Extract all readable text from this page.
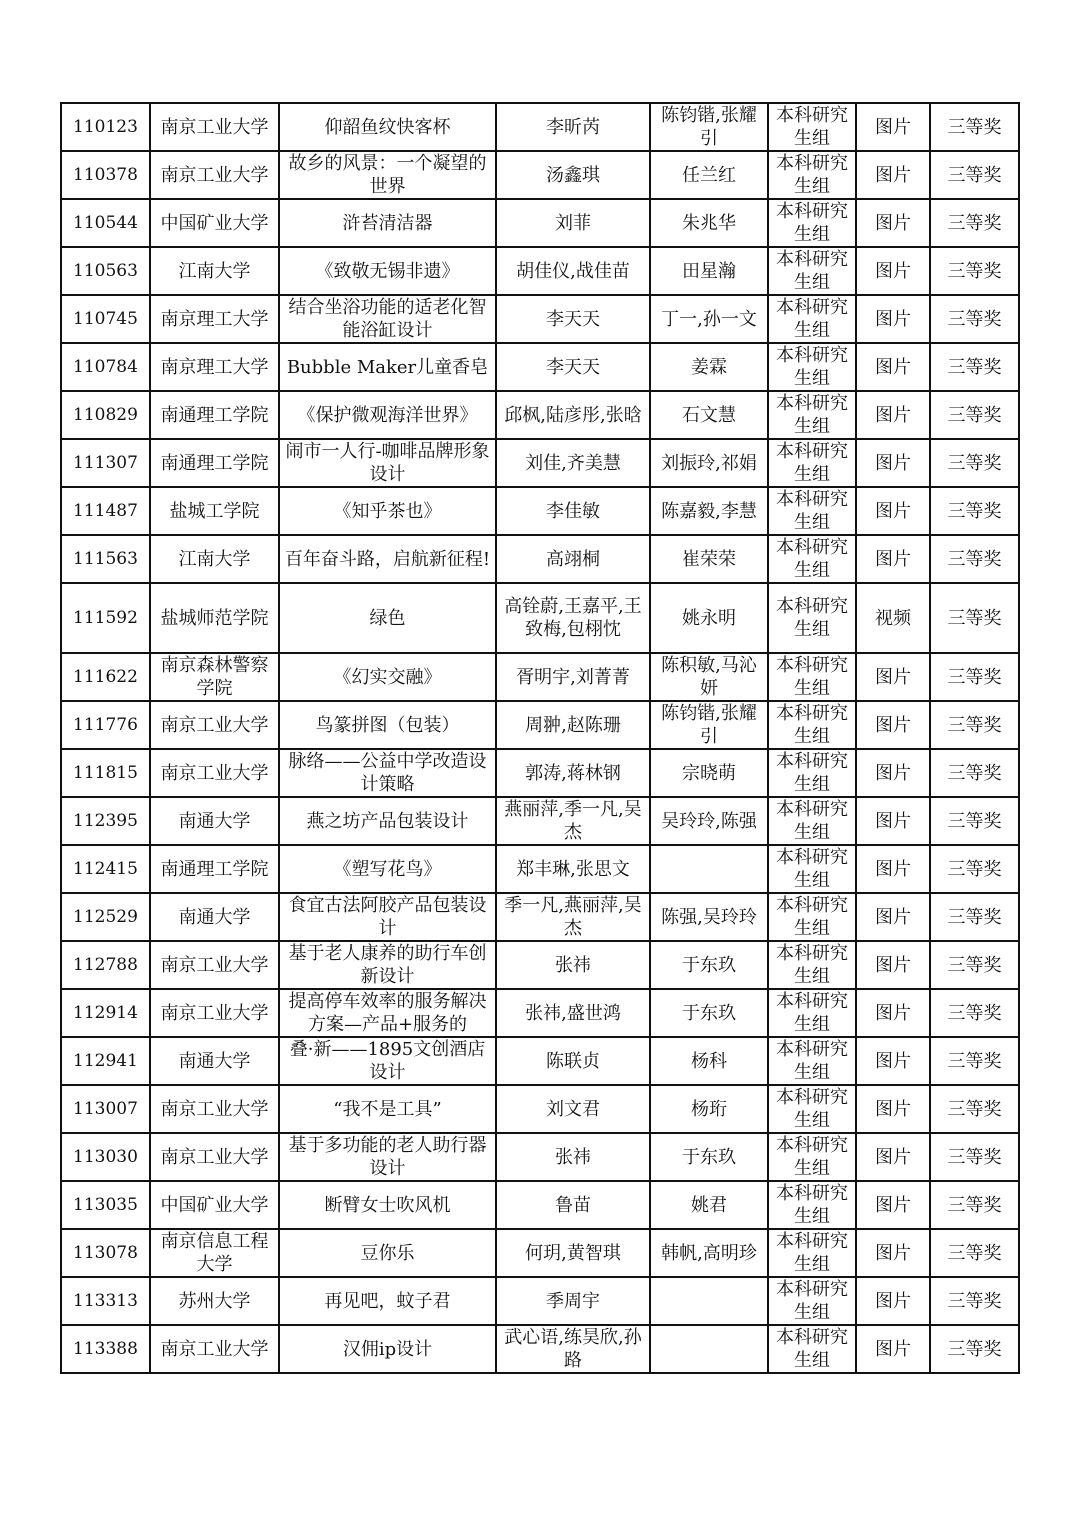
110123	南京工业大学	仰韶鱼纹快客杯	李昕芮	陈钧锴,张耀引	本科研究生组	图片	三等奖
110378	南京工业大学	故乡的风景：一个凝望的世界	汤鑫琪	任兰红	本科研究生组	图片	三等奖
110544	中国矿业大学	浒苔清洁器	刘菲	朱兆华	本科研究生组	图片	三等奖
110563	江南大学	《致敬无锡非遗》	胡佳仪,战佳苗	田星瀚	本科研究生组	图片	三等奖
110745	南京理工大学	结合坐浴功能的适老化智能浴缸设计	李天天	丁一,孙一文	本科研究生组	图片	三等奖
110784	南京理工大学	Bubble Maker儿童香皂	李天天	姜霖	本科研究生组	图片	三等奖
110829	南通理工学院	《保护微观海洋世界》	邱枫,陆彦彤,张晗	石文慧	本科研究生组	图片	三等奖
111307	南通理工学院	闹市一人行-咖啡品牌形象设计	刘佳,齐美慧	刘振玲,祁娟	本科研究生组	图片	三等奖
111487	盐城工学院	《知乎茶也》	李佳敏	陈嘉毅,李慧	本科研究生组	图片	三等奖
111563	江南大学	百年奋斗路，启航新征程!	高翊桐	崔荣荣	本科研究生组	图片	三等奖
111592	盐城师范学院	绿色	高铨蔚,王嘉平,王致梅,包栩忱	姚永明	本科研究生组	视频	三等奖
111622	南京森林警察学院	《幻实交融》	胥明宇,刘菁菁	陈积敏,马沁妍	本科研究生组	图片	三等奖
111776	南京工业大学	鸟篆拼图（包装）	周翀,赵陈珊	陈钧锴,张耀引	本科研究生组	图片	三等奖
111815	南京工业大学	脉络——公益中学改造设计策略	郭涛,蒋林钢	宗晓萌	本科研究生组	图片	三等奖
112395	南通大学	燕之坊产品包装设计	燕丽萍,季一凡,吴杰	吴玲玲,陈强	本科研究生组	图片	三等奖
112415	南通理工学院	《塑写花鸟》	郑丰琳,张思文		本科研究生组	图片	三等奖
112529	南通大学	食宜古法阿胶产品包装设计	季一凡,燕丽萍,吴杰	陈强,吴玲玲	本科研究生组	图片	三等奖
112788	南京工业大学	基于老人康养的助行车创新设计	张祎	于东玖	本科研究生组	图片	三等奖
112914	南京工业大学	提高停车效率的服务解决方案—产品+服务的	张祎,盛世鸿	于东玖	本科研究生组	图片	三等奖
112941	南通大学	叠·新——1895文创酒店设计	陈联贞	杨科	本科研究生组	图片	三等奖
113007	南京工业大学	“我不是工具”	刘文君	杨珩	本科研究生组	图片	三等奖
113030	南京工业大学	基于多功能的老人助行器设计	张祎	于东玖	本科研究生组	图片	三等奖
113035	中国矿业大学	断臂女士吹风机	鲁苗	姚君	本科研究生组	图片	三等奖
113078	南京信息工程大学	豆你乐	何玥,黄智琪	韩帆,高明珍	本科研究生组	图片	三等奖
113313	苏州大学	再见吧，蚊子君	季周宇		本科研究生组	图片	三等奖
113388	南京工业大学	汉佣ip设计	武心语,练昊欣,孙路		本科研究生组	图片	三等奖
